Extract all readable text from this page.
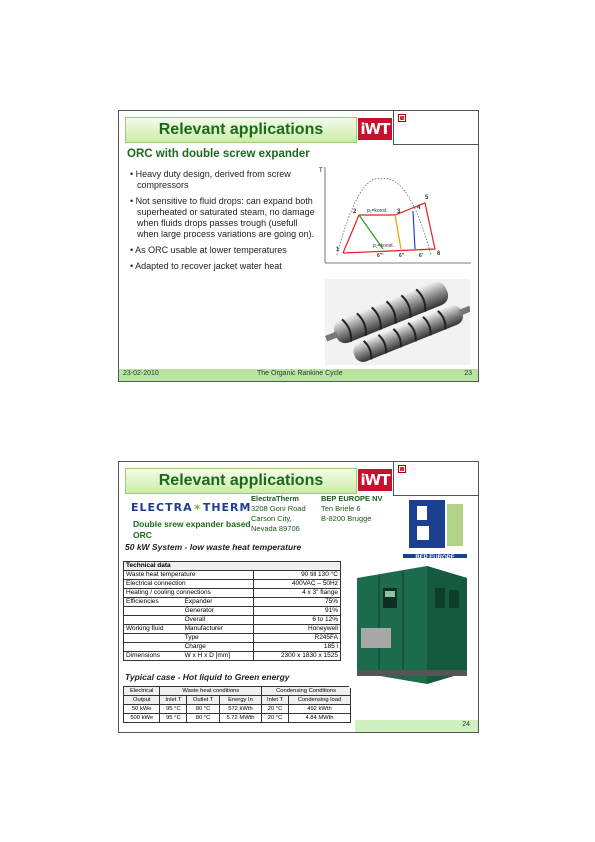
Relevant applications	iWT
ORC with double screw expander
• Heavy duty design, derived from screw compressors
• Not sensitive to fluid drops: can expand both superheated or saturated steam, no damage when fluids drops passes trough (usefull when large process variations are going on).
• As ORC usable at lower temperatures
• Adapted to recover jacket water heat
T
p₁=konst.
p₂=konst.
1
2	3
4
5
6
6’’’	6’’	6’
23-02-2010	The Organic Rankine Cycle	23
Relevant applications	iWT
ELECTRA✶THERM
Double srew expander based ORC
ElectraTherm
3208 Goni Road
Carson City,
Nevada 89706
BEP EUROPE NV
Ten Briele 6
B-8200 Brugge
50 kW System - low waste heat temperature
Technical data		
Waste heat temperature		90 till 130 °C
Electrical connection		400VAC – 50Hz
Heating / cooling connections		4 x 3" flange
Efficiencies	Expander	75%
	Generator	91%
	Overall	6 to 12%
Working fluid	Manufacturer	Honeywell
	Type	R245FA
	Charge	185 l
Dimensions	W x H x D [mm]	2300 x 1830 x 1525
Typical case - Hot liquid to Green energy
Electrical	Waste heat conditions			Condensing Conditions	
Output	Inlet T	Outlet T	Energy In	Inlet T	Condensing load
50 kWe	95 °C	80 °C	572 kWth	20 °C	492 kWth
500 kWe	95 °C	80 °C	5.72 MWth	20 °C	4.84 MWth
24
